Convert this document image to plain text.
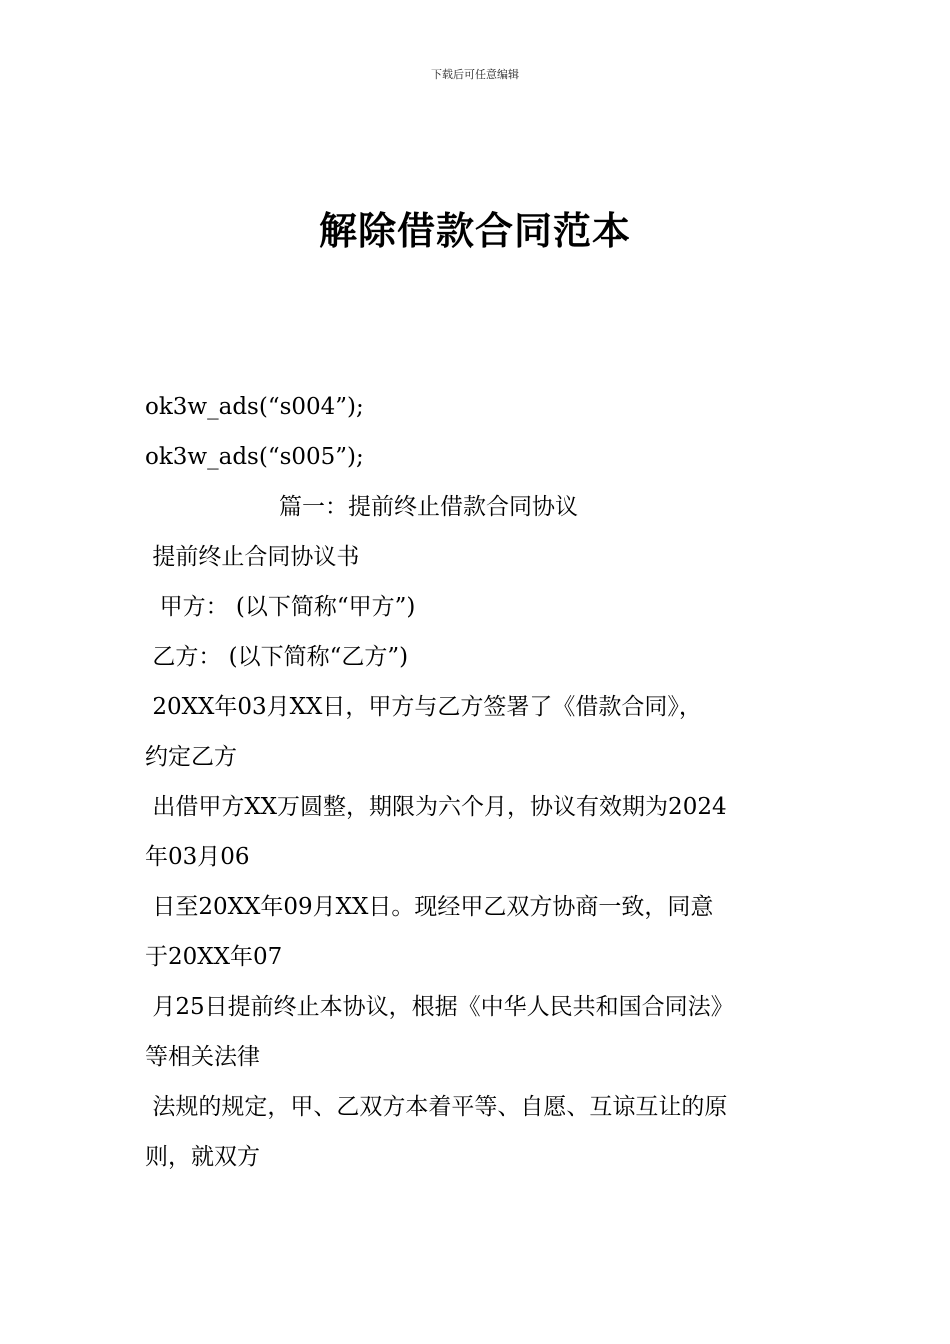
下载后可任意编辑
解除借款合同范本

ok3w_ads(“s004”);

ok3w_ads(“s005”);

篇一：提前终止借款合同协议

提前终止合同协议书

甲方： (以下简称“甲方”)

乙方： (以下简称“乙方”)

20XX年03月XX日，甲方与乙方签署了《借款合同》，

约定乙方

出借甲方XX万圆整，期限为六个月，协议有效期为2024

年03月06

日至20XX年09月XX日。现经甲乙双方协商一致，同意

于20XX年07

月25日提前终止本协议，根据《中华人民共和国合同法》

等相关法律

法规的规定，甲、乙双方本着平等、自愿、互谅互让的原

则，就双方
